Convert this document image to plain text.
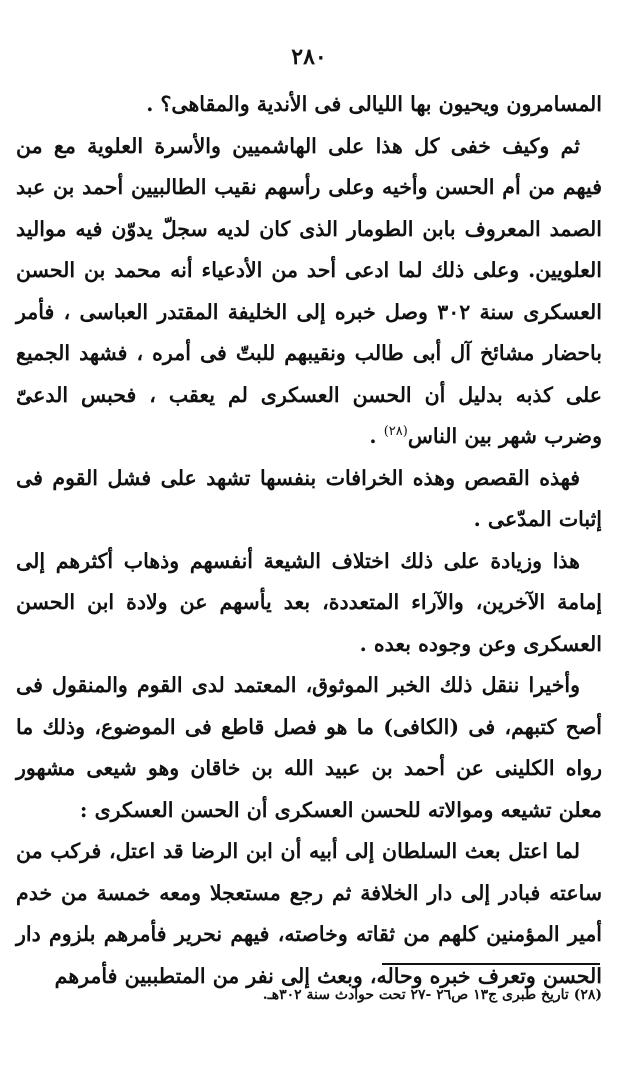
٢٨٠

المسامرون ويحيون بها الليالى فى الأندية والمقاهى؟ .

ثم وكيف خفى كل هذا على الهاشميين والأسرة العلوية مع من فيهم من أم الحسن وأخيه وعلى رأسهم نقيب الطالبيين أحمد بن عبد الصمد المعروف بابن الطومار الذى كان لديه سجلّ يدوّن فيه مواليد العلويين. وعلى ذلك لما ادعى أحد من الأدعياء أنه محمد بن الحسن العسكرى سنة ٣٠٢ وصل خبره إلى الخليفة المقتدر العباسى ، فأمر باحضار مشائخ آل أبى طالب ونقيبهم للبتّ فى أمره ، فشهد الجميع على كذبه بدليل أن الحسن العسكرى لم يعقب ، فحبس الدعىّ وضرب شهر بين الناس$^{(٢٨)}$ .

فهذه القصص وهذه الخرافات بنفسها تشهد على فشل القوم فى إثبات المدّعى .

هذا وزيادة على ذلك اختلاف الشيعة أنفسهم وذهاب أكثرهم إلى إمامة الآخرين، والآراء المتعددة، بعد يأسهم عن ولادة ابن الحسن العسكرى وعن وجوده بعده .

وأخيرا ننقل ذلك الخبر الموثوق، المعتمد لدى القوم والمنقول فى أصح كتبهم، فى (الكافى) ما هو فصل قاطع فى الموضوع، وذلك ما رواه الكلينى عن أحمد بن عبيد الله بن خاقان وهو شيعى مشهور معلن تشيعه وموالاته للحسن العسكرى أن الحسن العسكرى :

لما اعتل بعث السلطان إلى أبيه أن ابن الرضا قد اعتل، فركب من ساعته فبادر إلى دار الخلافة ثم رجع مستعجلا ومعه خمسة من خدم أمير المؤمنين كلهم من ثقاته وخاصته، فيهم نحرير فأمرهم بلزوم دار الحسن وتعرف خبره وحاله، وبعث إلى نفر من المتطببين فأمرهم

(٢٨) تاريخ طبرى ج١٣ ص٢٦ -٢٧ تحت حوادث سنة ٣٠٢هـ.
